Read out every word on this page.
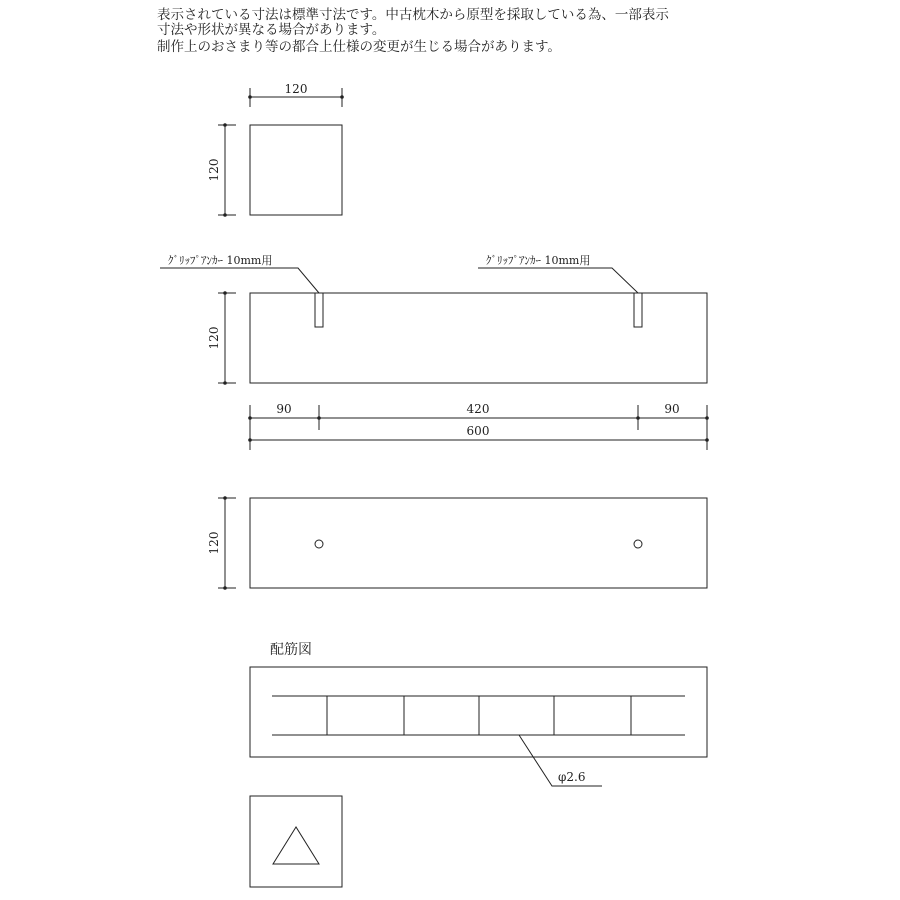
表示されている寸法は標準寸法です。中古枕木から原型を採取している為、一部表示
寸法や形状が異なる場合があります。
制作上のおさまり等の都合上仕様の変更が生じる場合があります。
120
120
ｸﾞﾘｯﾌﾟｱﾝｶｰ 10mm用	ｸﾞﾘｯﾌﾟｱﾝｶｰ 10mm用
120
90	420	90
600
120
配筋図
φ2.6
